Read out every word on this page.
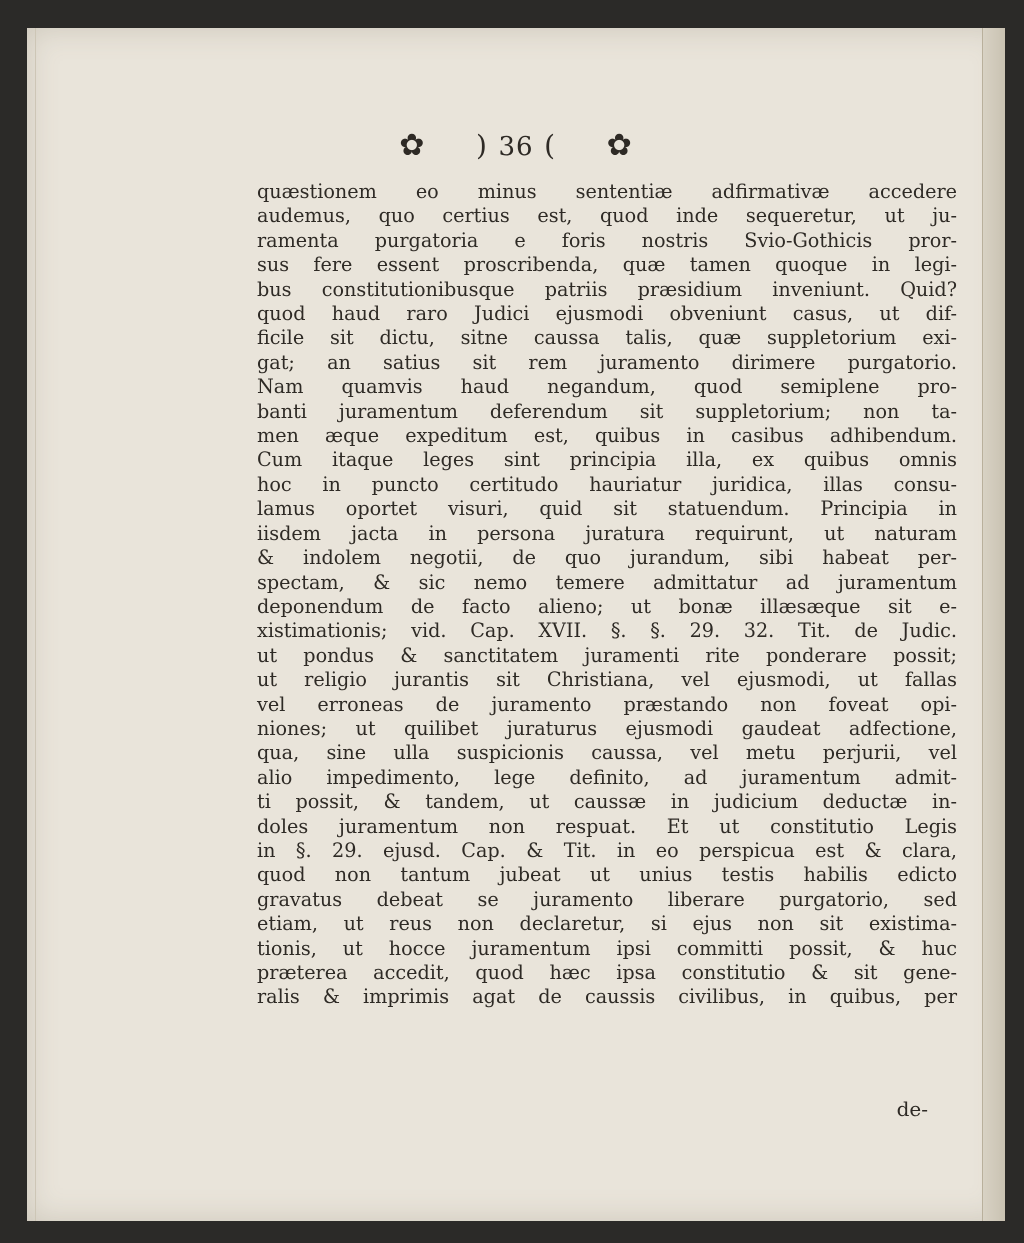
✿ ) 36 ( ✿
quæstionem eo minus sententiæ adfirmativæ accedere
audemus, quo certius est, quod inde sequeretur, ut ju-
ramenta purgatoria e foris nostris Svio-Gothicis pror-
sus fere essent proscribenda, quæ tamen quoque in legi-
bus constitutionibusque patriis præsidium inveniunt. Quid?
quod haud raro Judici ejusmodi obveniunt casus, ut dif-
ficile sit dictu, sitne caussa talis, quæ suppletorium exi-
gat; an satius sit rem juramento dirimere purgatorio.
Nam quamvis haud negandum, quod semiplene pro-
banti juramentum deferendum sit suppletorium; non ta-
men æque expeditum est, quibus in casibus adhibendum.
Cum itaque leges sint principia illa, ex quibus omnis
hoc in puncto certitudo hauriatur juridica, illas consu-
lamus oportet visuri, quid sit statuendum. Principia in
iisdem jacta in persona juratura requirunt, ut naturam
& indolem negotii, de quo jurandum, sibi habeat per-
spectam, & sic nemo temere admittatur ad juramentum
deponendum de facto alieno; ut bonæ illæsæque sit e-
xistimationis; vid. Cap. XVII. §. §. 29. 32. Tit. de Judic.
ut pondus & sanctitatem juramenti rite ponderare possit;
ut religio jurantis sit Christiana, vel ejusmodi, ut fallas
vel erroneas de juramento præstando non foveat opi-
niones; ut quilibet juraturus ejusmodi gaudeat adfectione,
qua, sine ulla suspicionis caussa, vel metu perjurii, vel
alio impedimento, lege definito, ad juramentum admit-
ti possit, & tandem, ut caussæ in judicium deductæ in-
doles juramentum non respuat. Et ut constitutio Legis
in §. 29. ejusd. Cap. & Tit. in eo perspicua est & clara,
quod non tantum jubeat ut unius testis habilis edicto
gravatus debeat se juramento liberare purgatorio, sed
etiam, ut reus non declaretur, si ejus non sit existima-
tionis, ut hocce juramentum ipsi committi possit, & huc
præterea accedit, quod hæc ipsa constitutio & sit gene-
ralis & imprimis agat de caussis civilibus, in quibus, per
de-
